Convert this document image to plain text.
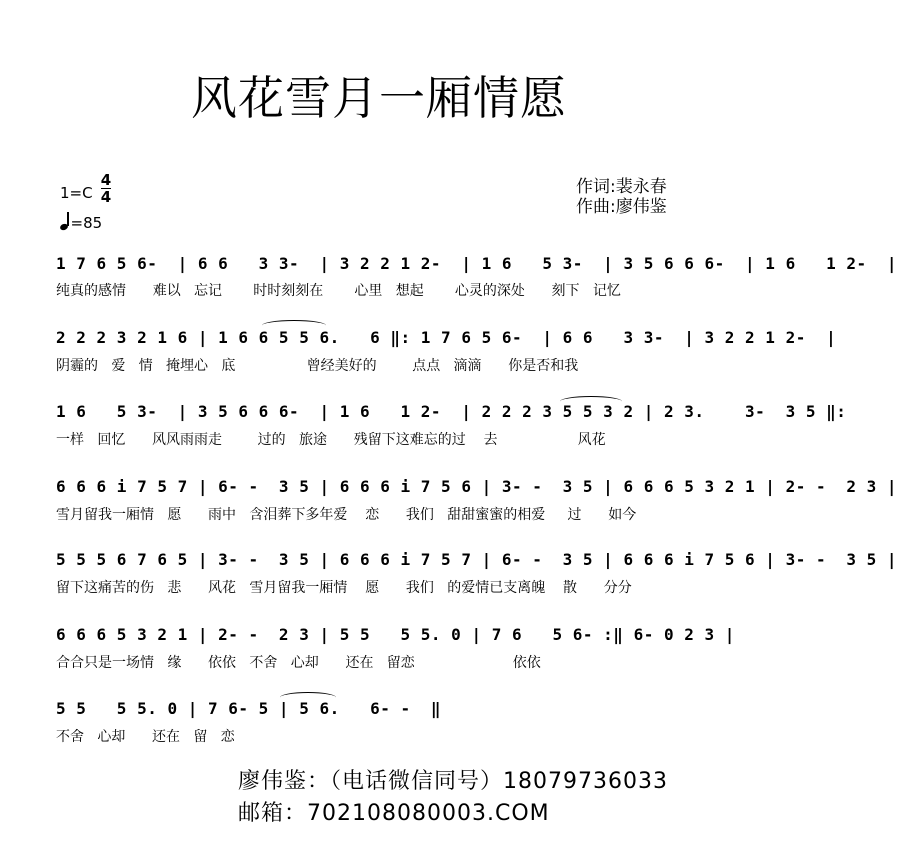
风花雪月一厢情愿
1=C
4
4
=85
作词:裴永春
作曲:廖伟鉴
1 7 6 5 6-  | 6 6   3 3-  | 3 2 2 1 2-  | 1 6   5 3-  | 3 5 6 6 6-  | 1 6   1 2-  |
纯真的感情      难以   忘记       时时刻刻在       心里   想起       心灵的深处      刻下   记忆
2 2 2 3 2 1 6 | 1 6 6 5 5 6.   6 ‖: 1 7 6 5 6-  | 6 6   3 3-  | 3 2 2 1 2-  |
阴霾的   爱   情   掩埋心   底                曾经美好的        点点   滴滴      你是否和我
1 6   5 3-  | 3 5 6 6 6-  | 1 6   1 2-  | 2 2 2 3 5 5 3 2 | 2 3.    3-  3 5 ‖:
一样   回忆      风风雨雨走        过的   旅途      残留下这难忘的过    去                  风花
6 6 6 i 7 5 7 | 6- -  3 5 | 6 6 6 i 7 5 6 | 3- -  3 5 | 6 6 6 5 3 2 1 | 2- -  2 3 |
雪月留我一厢情   愿      雨中   含泪葬下多年爱    恋      我们   甜甜蜜蜜的相爱     过      如今
5 5 5 6 7 6 5 | 3- -  3 5 | 6 6 6 i 7 5 7 | 6- -  3 5 | 6 6 6 i 7 5 6 | 3- -  3 5 |
留下这痛苦的伤   悲      风花   雪月留我一厢情    愿      我们   的爱情已支离魄    散      分分
6 6 6 5 3 2 1 | 2- -  2 3 | 5 5   5 5. 0 | 7 6   5 6- :‖ 6- 0 2 3 |
合合只是一场情   缘      依依   不舍   心却      还在   留恋                      依依
5 5   5 5. 0 | 7 6- 5 | 5 6.   6- -  ‖
不舍   心却      还在   留   恋
廖伟鉴：（电话微信同号）18079736033
邮箱：702108080003.COM
